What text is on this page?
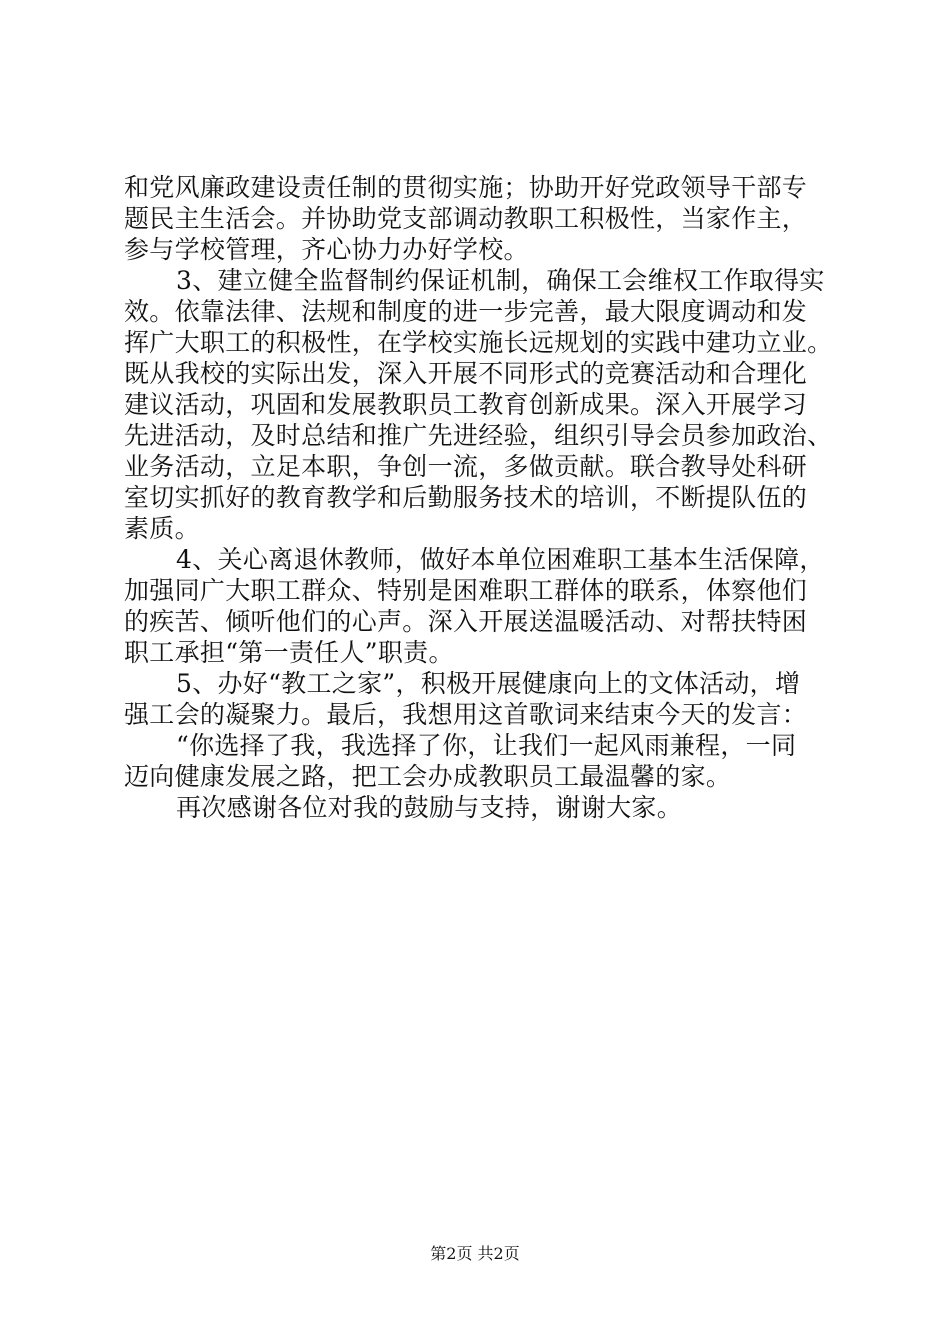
和党风廉政建设责任制的贯彻实施；协助开好党政领导干部专
题民主生活会。并协助党支部调动教职工积极性，当家作主，
参与学校管理，齐心协力办好学校。
3、建立健全监督制约保证机制，确保工会维权工作取得实
效。依靠法律、法规和制度的进一步完善，最大限度调动和发
挥广大职工的积极性，在学校实施长远规划的实践中建功立业。
既从我校的实际出发，深入开展不同形式的竞赛活动和合理化
建议活动，巩固和发展教职员工教育创新成果。深入开展学习
先进活动，及时总结和推广先进经验，组织引导会员参加政治、
业务活动，立足本职，争创一流，多做贡献。联合教导处科研
室切实抓好的教育教学和后勤服务技术的培训，不断提队伍的
素质。
4、关心离退休教师，做好本单位困难职工基本生活保障，
加强同广大职工群众、特别是困难职工群体的联系，体察他们
的疾苦、倾听他们的心声。深入开展送温暖活动、对帮扶特困
职工承担“第一责任人”职责。
5、办好“教工之家”，积极开展健康向上的文体活动，增
强工会的凝聚力。最后，我想用这首歌词来结束今天的发言：
“你选择了我，我选择了你，让我们一起风雨兼程，一同
迈向健康发展之路，把工会办成教职员工最温馨的家。
再次感谢各位对我的鼓励与支持，谢谢大家。
第2页 共2页
